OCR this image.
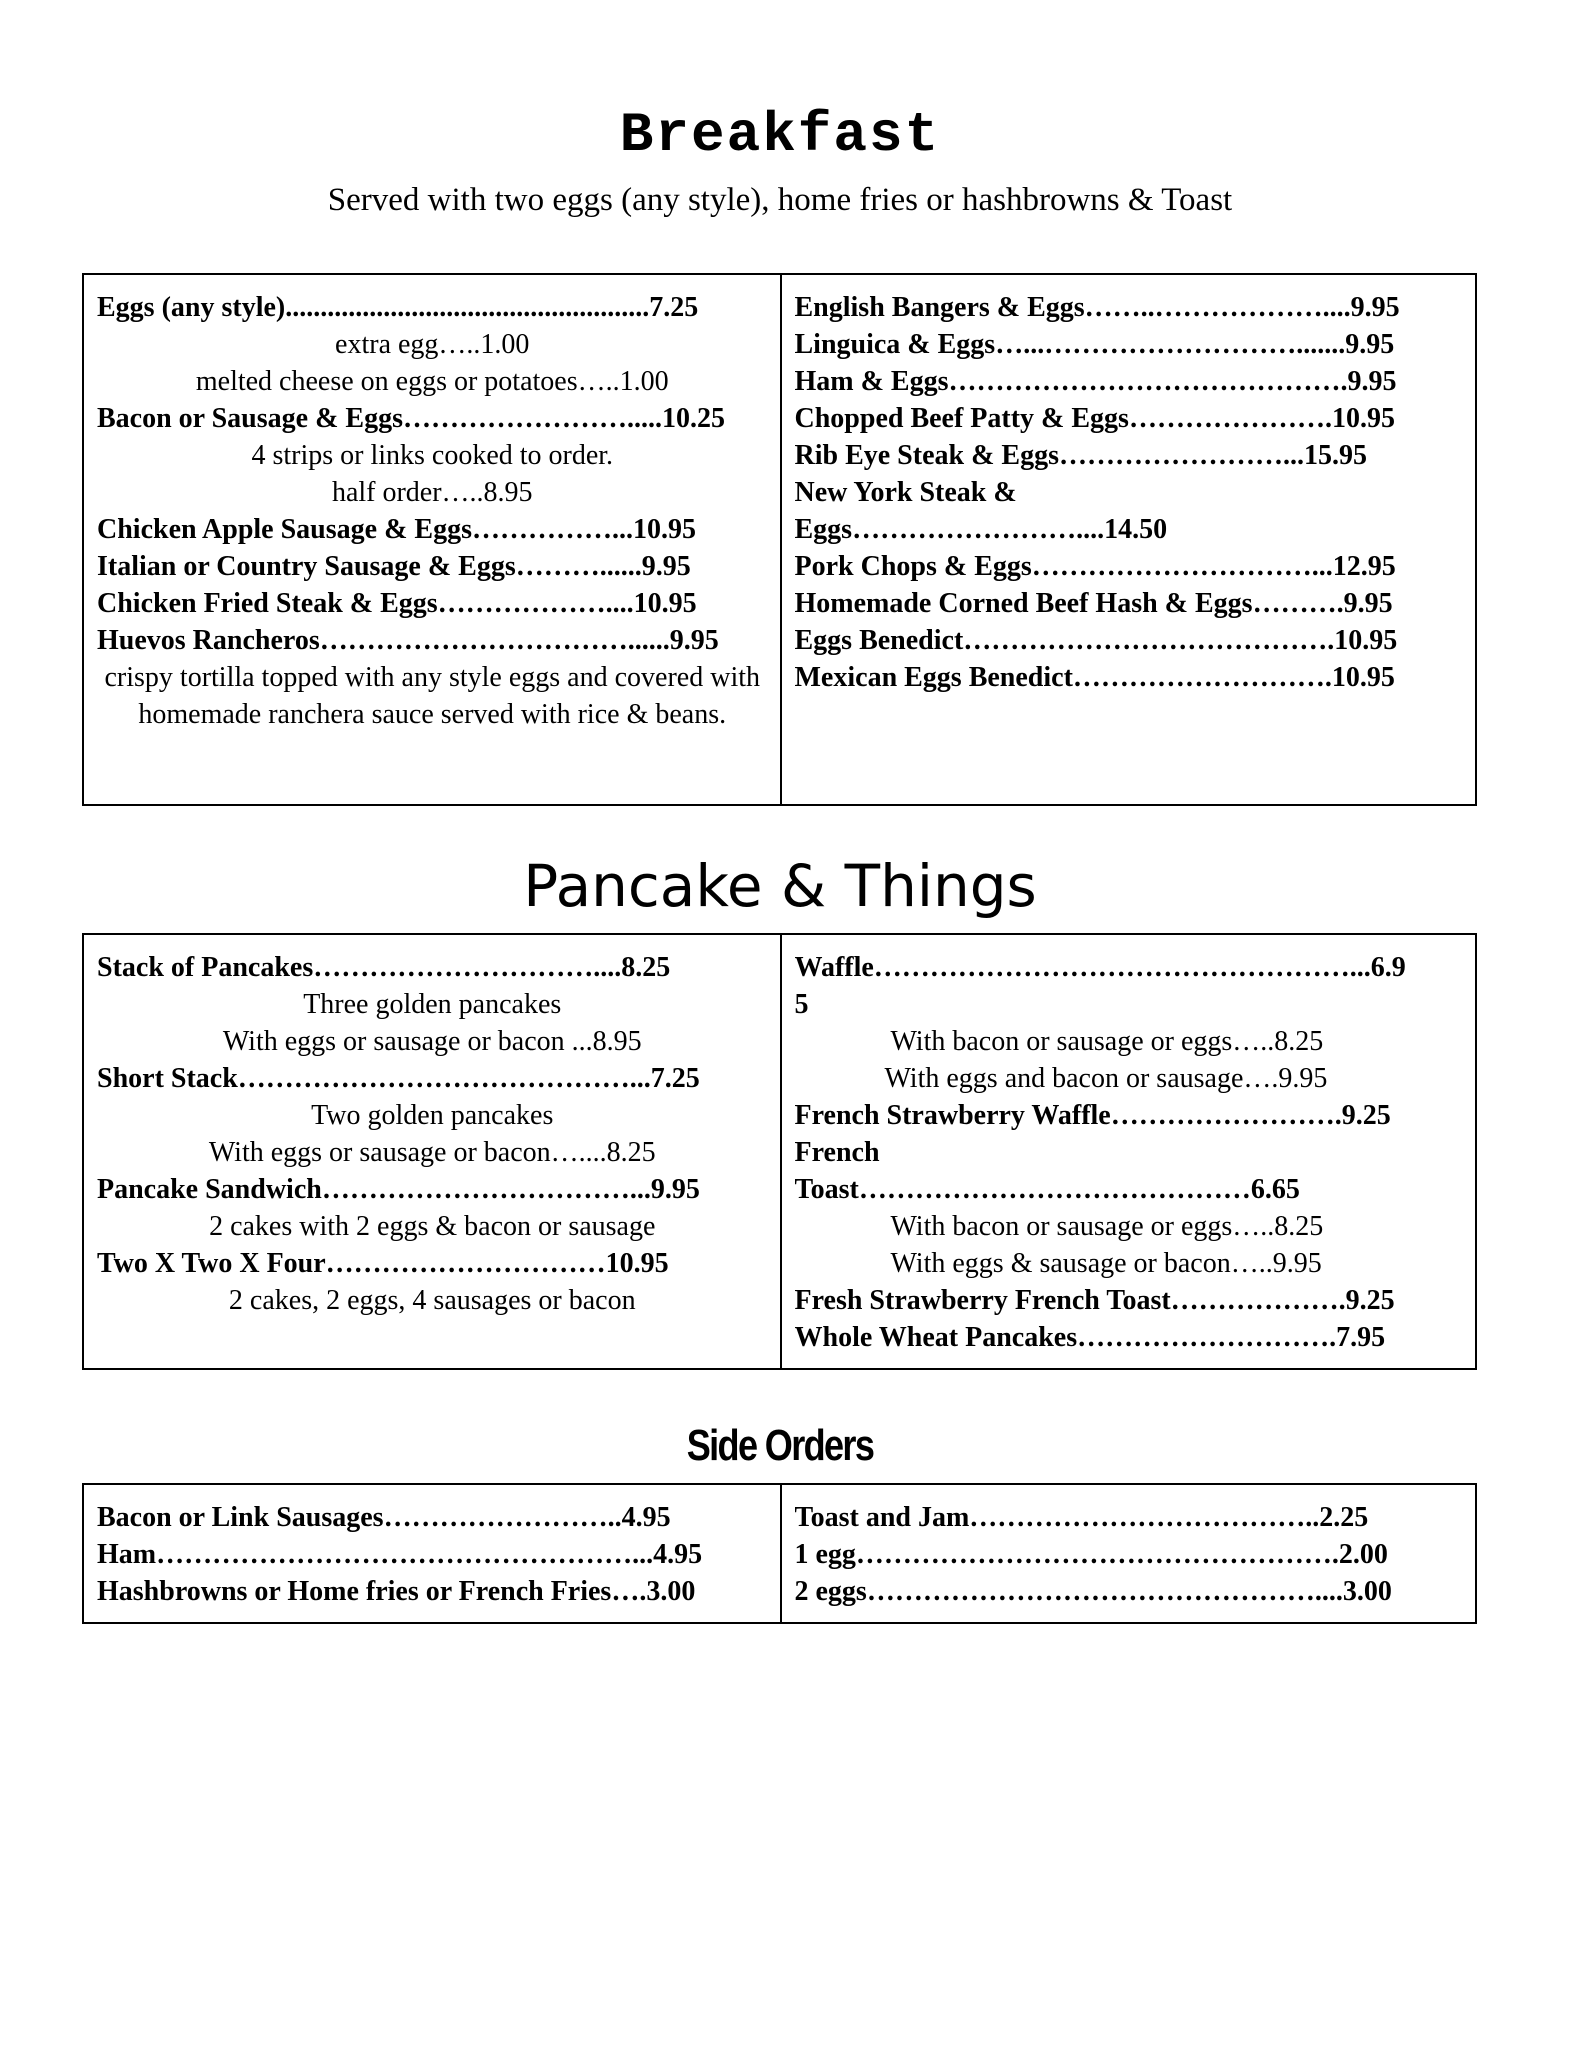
Breakfast
Served with two eggs (any style), home fries or hashbrowns & Toast
Eggs (any style)....................................................7.25
extra egg…..1.00
melted cheese on eggs or potatoes…..1.00
Bacon or Sausage & Eggs…………………….....10.25
4 strips or links cooked to order.
half order…..8.95
Chicken Apple Sausage & Eggs……………...10.95
Italian or Country Sausage & Eggs………......9.95
Chicken Fried Steak & Eggs………………....10.95
Huevos Rancheros……………………………......9.95
crispy tortilla topped with any style eggs and covered with homemade ranchera sauce served with rice & beans.
English Bangers & Eggs……..………………....9.95
Linguica & Eggs…...……………………….......9.95
Ham & Eggs…………………………………….9.95
Chopped Beef Patty & Eggs………………….10.95
Rib Eye Steak & Eggs……………………...15.95
New York Steak &
Eggs……………………....14.50
Pork Chops & Eggs…………………………...12.95
Homemade Corned Beef Hash & Eggs……….9.95
Eggs Benedict………………………………….10.95
Mexican Eggs Benedict……………………….10.95
Pancake & Things
Stack of Pancakes…………………………....8.25
Three golden pancakes
With eggs or sausage or bacon ...8.95
Short Stack……………………………………...7.25
Two golden pancakes
With eggs or sausage or bacon…....8.25
Pancake Sandwich……………………………...9.95
2 cakes with 2 eggs & bacon or sausage
Two X Two X Four…………………………10.95
2 cakes, 2 eggs, 4 sausages or bacon
Waffle……………………………………………...6.9
5
With bacon or sausage or eggs…..8.25
With eggs and bacon or sausage….9.95
French Strawberry Waffle…………………….9.25
French
Toast……………………………………6.65
With bacon or sausage or eggs…..8.25
With eggs & sausage or bacon…..9.95
Fresh Strawberry French Toast……………….9.25
Whole Wheat Pancakes……………………….7.95
Side Orders
Bacon or Link Sausages……………………..4.95
Ham……………………………………………...4.95
Hashbrowns or Home fries or French Fries….3.00
Toast and Jam………………………………..2.25
1 egg…………………………………………….2.00
2 eggs…………………………………………....3.00
